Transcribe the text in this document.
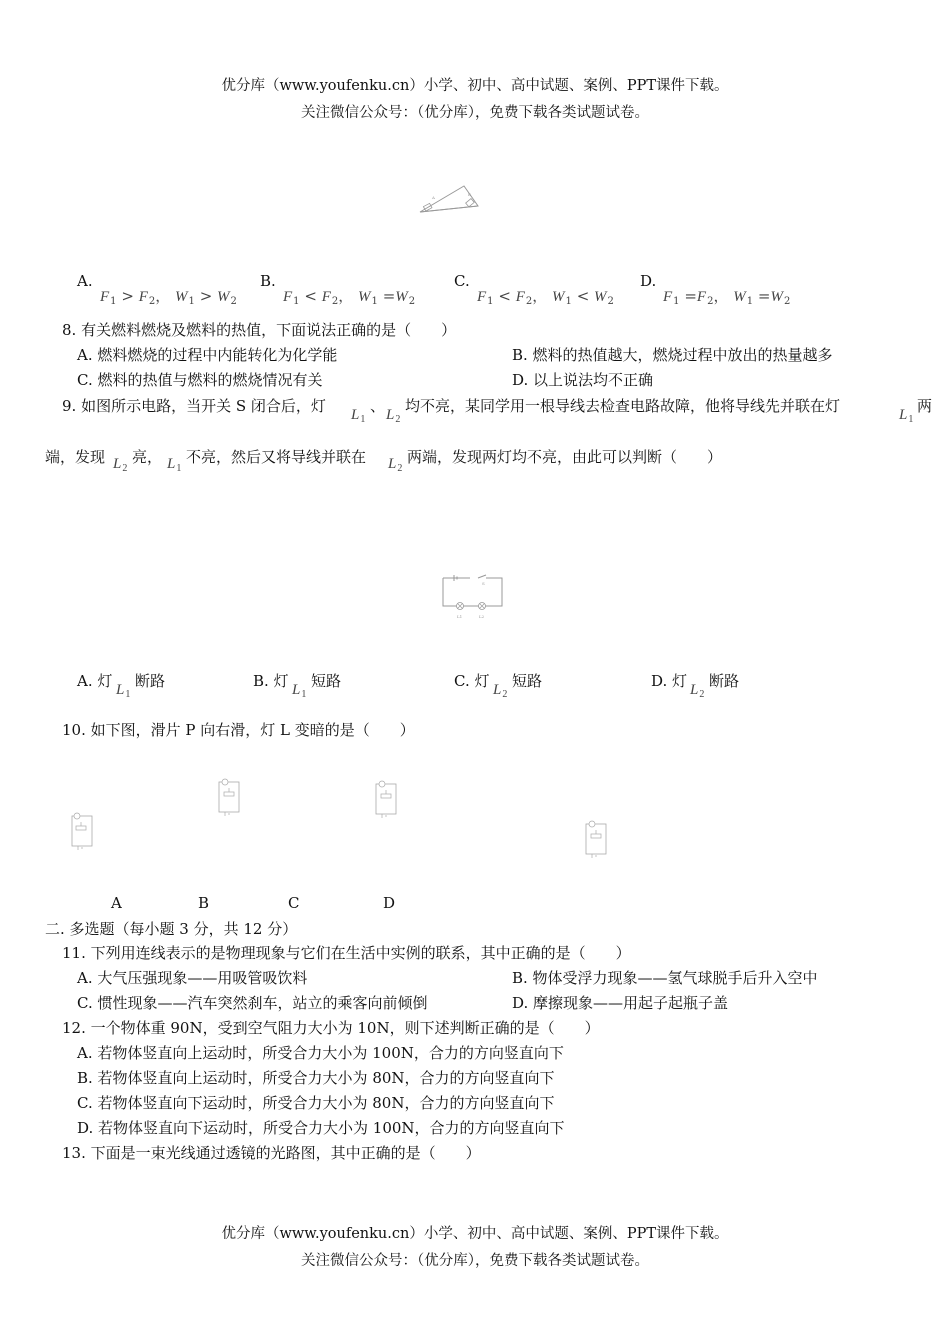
优分库（www.youfenku.cn）小学、初中、高中试题、案例、PPT课件下载。
关注微信公众号：（优分库），免费下载各类试题试卷。
A
B
A.
$F_1 > F_2$， $W_1 > W_2$
B.
$F_1 < F_2$， $W_1 =W_2$
C.
$F_1 < F_2$， $W_1 < W_2$
D.
$F_1 =F_2$， $W_1 =W_2$
8. 有关燃料燃烧及燃料的热值，下面说法正确的是（　　）
A. 燃料燃烧的过程中内能转化为化学能	B. 燃料的热值越大，燃烧过程中放出的热量越多
C. 燃料的热值与燃料的燃烧情况有关	D. 以上说法均不正确
9. 如图所示电路，当开关 S 闭合后，灯 $L_1$
、 $L_2$
均不亮，某同学用一根导线去检查电路故障，他将导线先并联在灯	$L_1$
两
端，发现 $L_2$
亮， $L_1$
不亮，然后又将导线并联在 $L_2$
两端，发现两灯均不亮，由此可以判断（　　）
S
L1	L2
A. 灯 $L_1$
断路	B. 灯 $L_1$
短路	C. 灯 $L_2$
短路	D. 灯 $L_2$
断路
10. 如下图，滑片 P 向右滑，灯 L 变暗的是（　　）
A	B	C	D
二. 多选题（每小题 3 分，共 12 分）
11. 下列用连线表示的是物理现象与它们在生活中实例的联系，其中正确的是（　　）
A. 大气压强现象——用吸管吸饮料	B. 物体受浮力现象——氢气球脱手后升入空中
C. 惯性现象——汽车突然刹车，站立的乘客向前倾倒	D. 摩擦现象——用起子起瓶子盖
12. 一个物体重 90N，受到空气阻力大小为 10N，则下述判断正确的是（　　）
A. 若物体竖直向上运动时，所受合力大小为 100N，合力的方向竖直向下
B. 若物体竖直向上运动时，所受合力大小为 80N，合力的方向竖直向下
C. 若物体竖直向下运动时，所受合力大小为 80N，合力的方向竖直向下
D. 若物体竖直向下运动时，所受合力大小为 100N，合力的方向竖直向下
13. 下面是一束光线通过透镜的光路图，其中正确的是（　　）
优分库（www.youfenku.cn）小学、初中、高中试题、案例、PPT课件下载。
关注微信公众号：（优分库），免费下载各类试题试卷。
